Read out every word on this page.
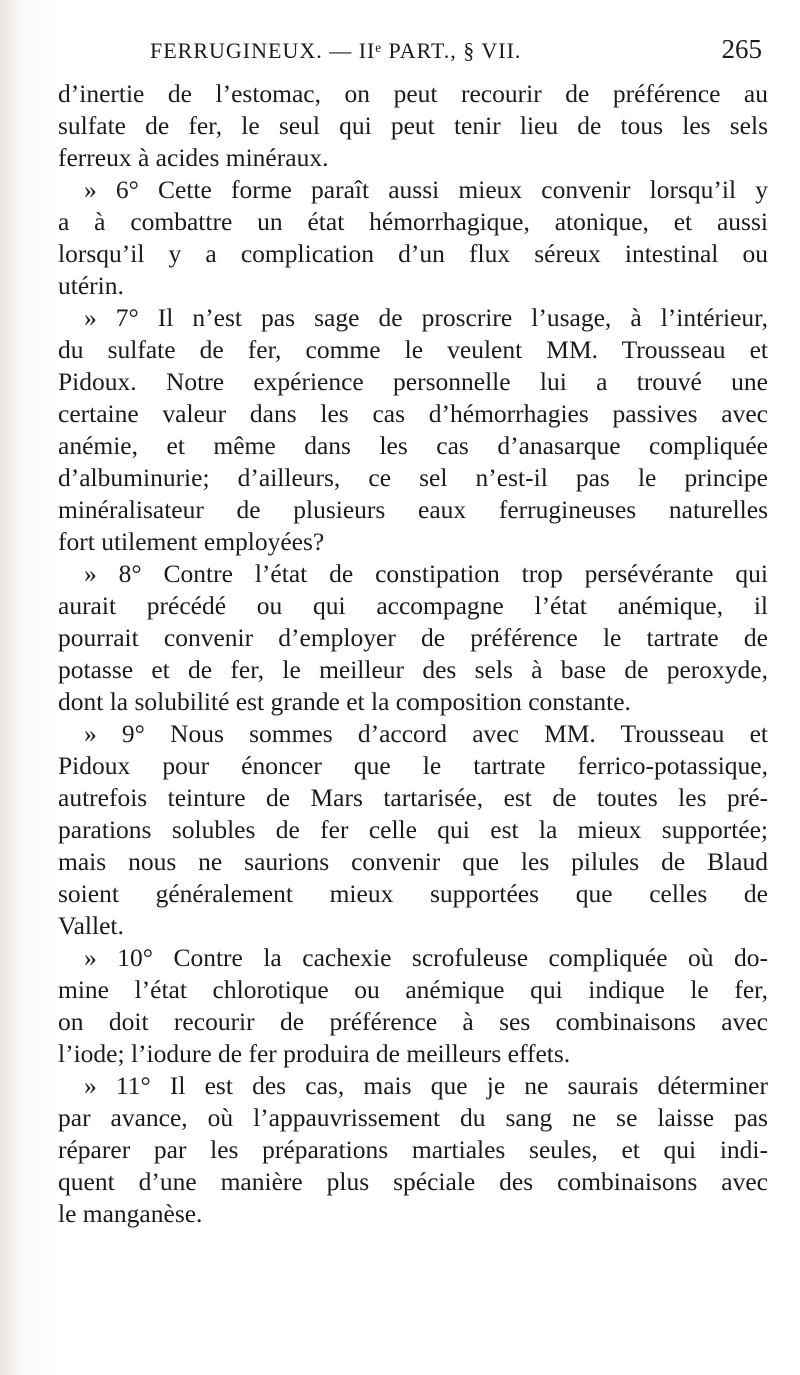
FERRUGINEUX. — IIᵉ PART., § VII.	265
d’inertie de l’estomac, on peut recourir de préférence au
sulfate de fer, le seul qui peut tenir lieu de tous les sels
ferreux à acides minéraux.
» 6° Cette forme paraît aussi mieux convenir lorsqu’il y
a à combattre un état hémorrhagique, atonique, et aussi
lorsqu’il y a complication d’un flux séreux intestinal ou
utérin.
» 7° Il n’est pas sage de proscrire l’usage, à l’intérieur,
du sulfate de fer, comme le veulent MM. Trousseau et
Pidoux. Notre expérience personnelle lui a trouvé une
certaine valeur dans les cas d’hémorrhagies passives avec
anémie, et même dans les cas d’anasarque compliquée
d’albuminurie; d’ailleurs, ce sel n’est-il pas le principe
minéralisateur de plusieurs eaux ferrugineuses naturelles
fort utilement employées?
» 8° Contre l’état de constipation trop persévérante qui
aurait précédé ou qui accompagne l’état anémique, il
pourrait convenir d’employer de préférence le tartrate de
potasse et de fer, le meilleur des sels à base de peroxyde,
dont la solubilité est grande et la composition constante.
» 9° Nous sommes d’accord avec MM. Trousseau et
Pidoux pour énoncer que le tartrate ferrico-potassique,
autrefois teinture de Mars tartarisée, est de toutes les pré-
parations solubles de fer celle qui est la mieux supportée;
mais nous ne saurions convenir que les pilules de Blaud
soient généralement mieux supportées que celles de
Vallet.
» 10° Contre la cachexie scrofuleuse compliquée où do-
mine l’état chlorotique ou anémique qui indique le fer,
on doit recourir de préférence à ses combinaisons avec
l’iode; l’iodure de fer produira de meilleurs effets.
» 11° Il est des cas, mais que je ne saurais déterminer
par avance, où l’appauvrissement du sang ne se laisse pas
réparer par les préparations martiales seules, et qui indi-
quent d’une manière plus spéciale des combinaisons avec
le manganèse.
